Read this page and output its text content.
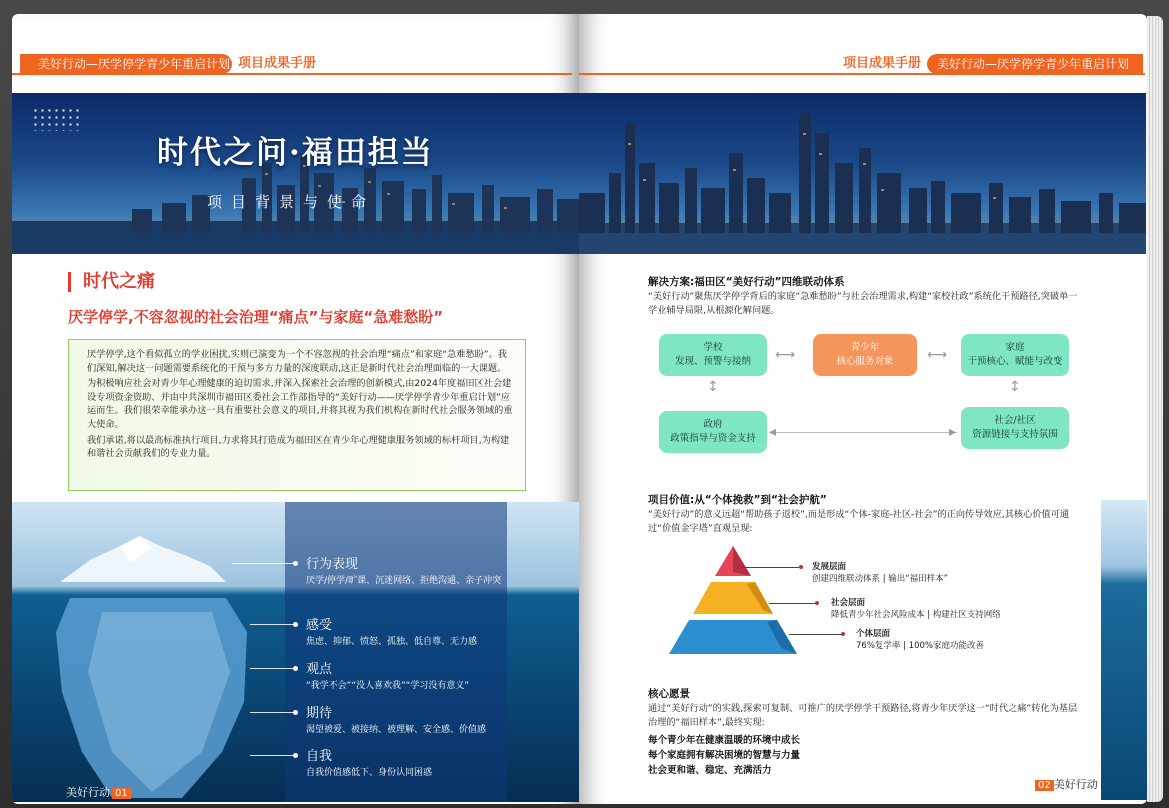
美好行动—厌学停学青少年重启计划 项目成果手册
时代之问·福田担当
项目背景与使命
时代之痛
厌学停学,不容忽视的社会治理“痛点”与家庭“急难愁盼”

厌学停学,这个看似孤立的学业困扰,实则已演变为一个不容忽视的社会治理“痛点”和家庭“急难愁盼”。我们深知,解决这一问题需要系统化的干预与多方力量的深度联动,这正是新时代社会治理面临的一大课题。

为积极响应社会对青少年心理健康的迫切需求,并深入探索社会治理的创新模式,由2024年度福田区社会建设专项资金资助、并由中共深圳市福田区委社会工作部指导的“美好行动——厌学停学青少年重启计划”应运而生。我们很荣幸能承办这一具有重要社会意义的项目,并将其视为我们机构在新时代社会服务领域的重大使命。

我们承诺,将以最高标准执行项目,力求将其打造成为福田区在青少年心理健康服务领域的标杆项目,为构建和谐社会贡献我们的专业力量。

行为表现
厌学/停学/旷课、沉迷网络、拒绝沟通、亲子冲突
感受
焦虑、抑郁、愤怒、孤独、低自尊、无力感
观点
“我学不会”“没人喜欢我”“学习没有意义”
期待
渴望被爱、被接纳、被理解、安全感、价值感
自我
自我价值感低下、身份认同困惑
美好行动 01
项目成果手册	美好行动—厌学停学青少年重启计划
解决方案:福田区“美好行动”四维联动体系
“美好行动”聚焦厌学停学背后的家庭“急难愁盼”与社会治理需求,构建“家校社政”系统化干预路径,突破单一学业辅导局限,从根源化解问题。
学校
发现、预警与接纳
青少年
核心服务对象
家庭
干预核心、赋能与改变
政府
政策指导与资金支持
社会/社区
资源链接与支持氛围
⟷	⟷
↕	↕
◂	▸
项目价值:从“个体挽救”到“社会护航”
“美好行动”的意义远超“帮助孩子返校”,而是形成“个体-家庭-社区-社会”的正向传导效应,其核心价值可通过“价值金字塔”直观呈现:
发展层面
创建四维联动体系 | 输出“福田样本”
社会层面
降低青少年社会风险成本 | 构建社区支持网络
个体层面
76%复学率 | 100%家庭功能改善
核心愿景
通过“美好行动”的实践,探索可复制、可推广的厌学停学干预路径,将青少年厌学这一“时代之痛”转化为基层治理的“福田样本”,最终实现:
每个青少年在健康温暖的环境中成长
每个家庭拥有解决困境的智慧与力量
社会更和谐、稳定、充满活力
02 美好行动
